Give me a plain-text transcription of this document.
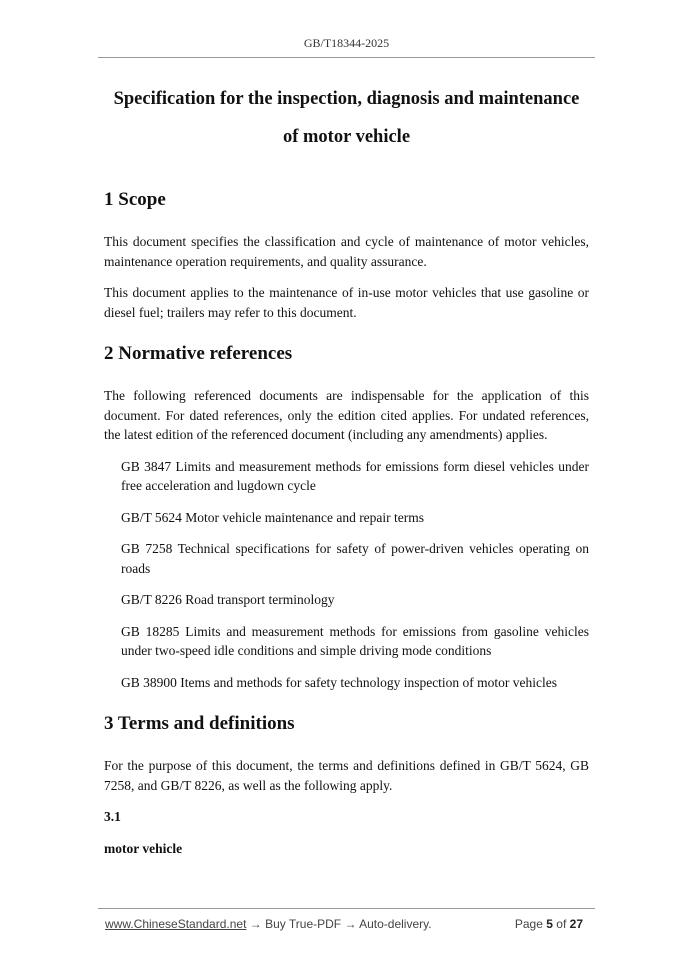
GB/T18344-2025
Specification for the inspection, diagnosis and maintenance
of motor vehicle
1 Scope

This document specifies the classification and cycle of maintenance of motor vehicles, maintenance operation requirements, and quality assurance.

This document applies to the maintenance of in-use motor vehicles that use gasoline or diesel fuel; trailers may refer to this document.

2 Normative references

The following referenced documents are indispensable for the application of this document. For dated references, only the edition cited applies. For undated references, the latest edition of the referenced document (including any amendments) applies.

GB 3847 Limits and measurement methods for emissions form diesel vehicles under free acceleration and lugdown cycle

GB/T 5624 Motor vehicle maintenance and repair terms

GB 7258 Technical specifications for safety of power-driven vehicles operating on roads

GB/T 8226 Road transport terminology

GB 18285 Limits and measurement methods for emissions from gasoline vehicles under two-speed idle conditions and simple driving mode conditions

GB 38900 Items and methods for safety technology inspection of motor vehicles

3 Terms and definitions

For the purpose of this document, the terms and definitions defined in GB/T 5624, GB 7258, and GB/T 8226, as well as the following apply.

3.1

motor vehicle

www.ChineseStandard.net → Buy True-PDF → Auto-delivery.	Page 5 of 27
